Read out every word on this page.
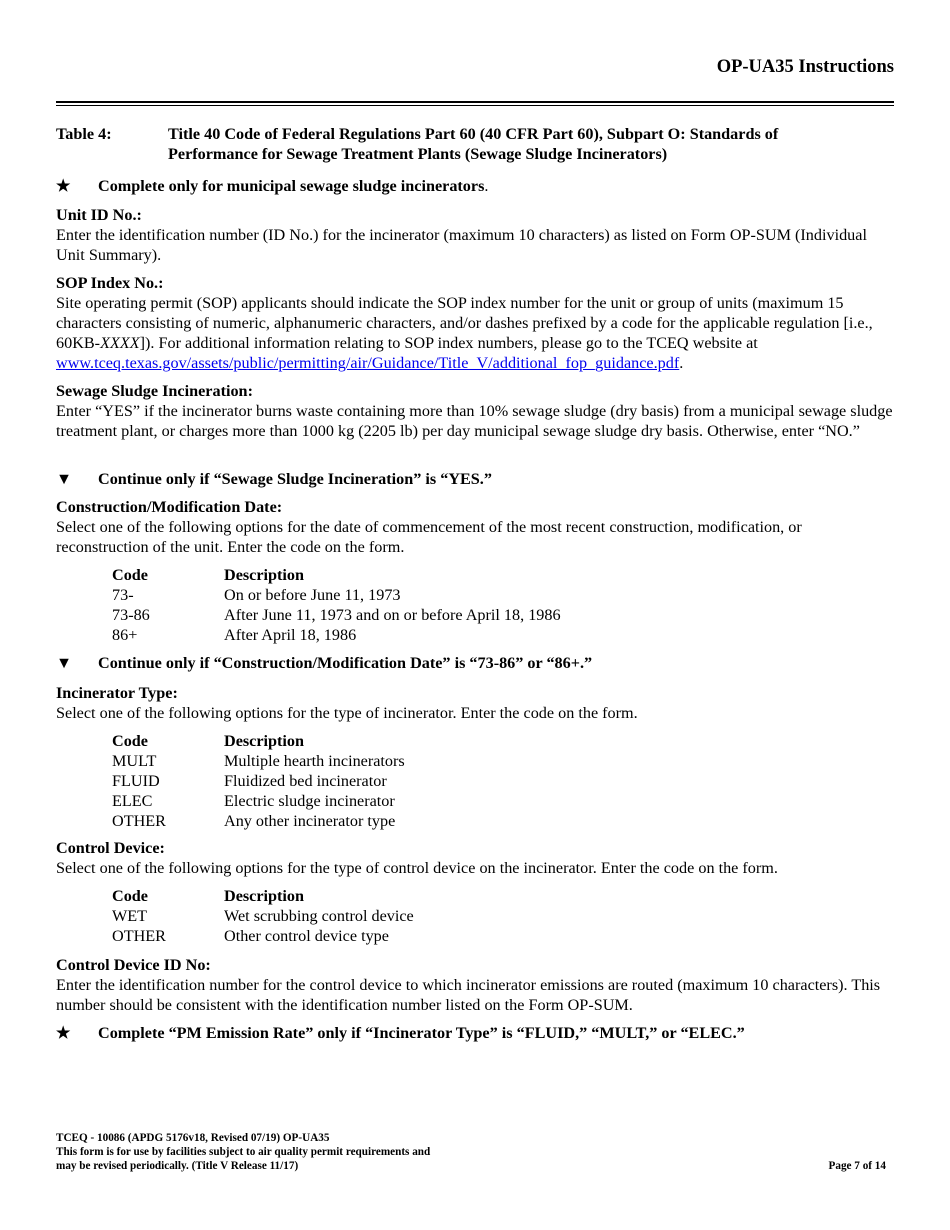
OP-UA35 Instructions
Table 4:	Title 40 Code of Federal Regulations Part 60 (40 CFR Part 60), Subpart O: Standards of Performance for Sewage Treatment Plants (Sewage Sludge Incinerators)
★	Complete only for municipal sewage sludge incinerators.
Unit ID No.:

Enter the identification number (ID No.) for the incinerator (maximum 10 characters) as listed on Form OP-SUM (Individual Unit Summary).

SOP Index No.:

Site operating permit (SOP) applicants should indicate the SOP index number for the unit or group of units (maximum 15 characters consisting of numeric, alphanumeric characters, and/or dashes prefixed by a code for the applicable regulation [i.e., 60KB-XXXX]). For additional information relating to SOP index numbers, please go to the TCEQ website at www.tceq.texas.gov/assets/public/permitting/air/Guidance/Title_V/additional_fop_guidance.pdf.

Sewage Sludge Incineration:

Enter “YES” if the incinerator burns waste containing more than 10% sewage sludge (dry basis) from a municipal sewage sludge treatment plant, or charges more than 1000 kg (2205 lb) per day municipal sewage sludge dry basis. Otherwise, enter “NO.”

▼ Continue only if “Sewage Sludge Incineration” is “YES.”
Construction/Modification Date:

Select one of the following options for the date of commencement of the most recent construction, modification, or reconstruction of the unit. Enter the code on the form.

Code	Description
73-	On or before June 11, 1973
73-86	After June 11, 1973 and on or before April 18, 1986
86+	After April 18, 1986
▼ Continue only if “Construction/Modification Date” is “73-86” or “86+.”
Incinerator Type:

Select one of the following options for the type of incinerator. Enter the code on the form.

Code	Description
MULT	Multiple hearth incinerators
FLUID	Fluidized bed incinerator
ELEC	Electric sludge incinerator
OTHER	Any other incinerator type
Control Device:

Select one of the following options for the type of control device on the incinerator. Enter the code on the form.

Code	Description
WET	Wet scrubbing control device
OTHER	Other control device type
Control Device ID No:

Enter the identification number for the control device to which incinerator emissions are routed (maximum 10 characters). This number should be consistent with the identification number listed on the Form OP-SUM.

★	Complete “PM Emission Rate” only if “Incinerator Type” is “FLUID,” “MULT,” or “ELEC.”
TCEQ - 10086 (APDG 5176v18, Revised 07/19) OP-UA35
This form is for use by facilities subject to air quality permit requirements and
may be revised periodically. (Title V Release 11/17)	Page 7 of 14
